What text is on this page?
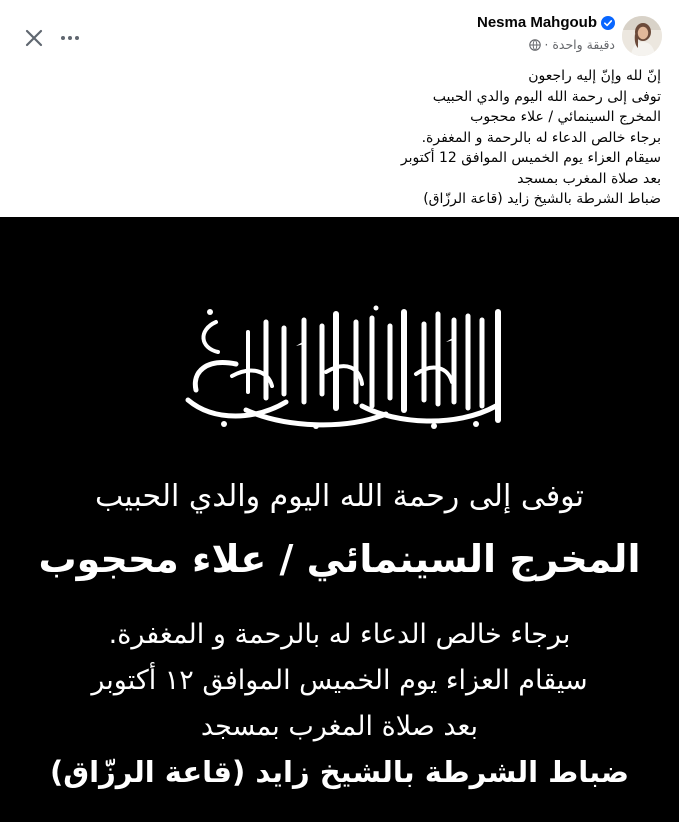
Nesma Mahgoub
· دقيقة واحدة
إنّ لله وإنّ إليه راجعون
توفى إلى رحمة الله اليوم والدي الحبيب
المخرج السينمائي / علاء محجوب
برجاء خالص الدعاء له بالرحمة و المغفرة.
سيقام العزاء يوم الخميس الموافق 12 أكتوبر
بعد صلاة المغرب بمسجد
ضباط الشرطة بالشيخ زايد (قاعة الرزّاق)
توفى إلى رحمة الله اليوم والدي الحبيب
المخرج السينمائي / علاء محجوب
برجاء خالص الدعاء له بالرحمة و المغفرة.
سيقام العزاء يوم الخميس الموافق ١٢ أكتوبر
بعد صلاة المغرب بمسجد
ضباط الشرطة بالشيخ زايد (قاعة الرزّاق)
